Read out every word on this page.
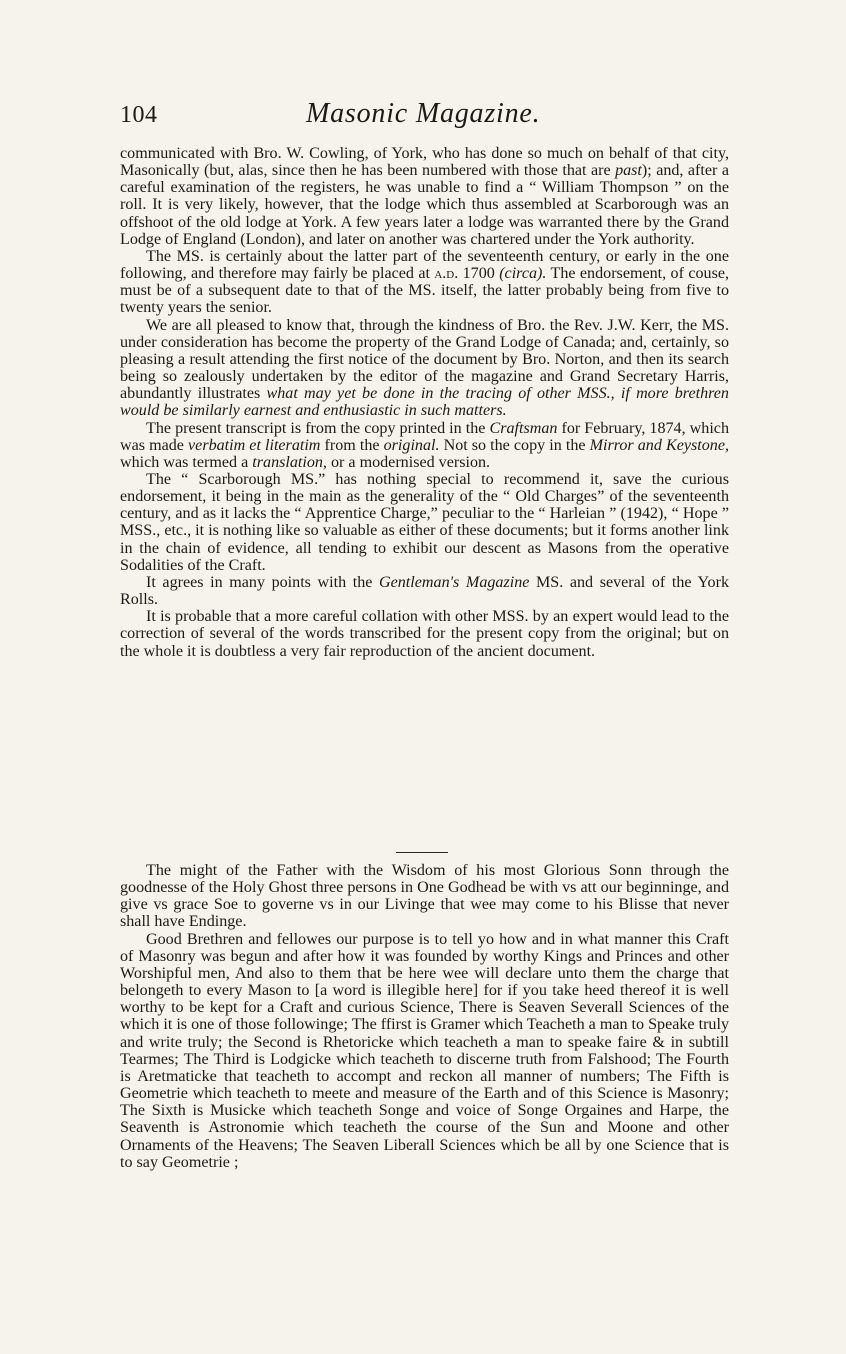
104	Masonic Magazine.

communicated with Bro. W. Cowling, of York, who has done so much on behalf of that city, Masonically (but, alas, since then he has been numbered with those that are past); and, after a careful examination of the registers, he was unable to find a “ William Thompson ” on the roll. It is very likely, however, that the lodge which thus assembled at Scarborough was an offshoot of the old lodge at York. A few years later a lodge was warranted there by the Grand Lodge of England (London), and later on another was chartered under the York authority.

The MS. is certainly about the latter part of the seventeenth century, or early in the one following, and therefore may fairly be placed at a.d. 1700 (circa). The endorsement, of couse, must be of a subsequent date to that of the MS. itself, the latter probably being from five to twenty years the senior.

We are all pleased to know that, through the kindness of Bro. the Rev. J.W. Kerr, the MS. under consideration has become the property of the Grand Lodge of Canada; and, certainly, so pleasing a result attending the first notice of the document by Bro. Norton, and then its search being so zealously undertaken by the editor of the magazine and Grand Secretary Harris, abundantly illustrates what may yet be done in the tracing of other MSS., if more brethren would be similarly earnest and enthusiastic in such matters.

The present transcript is from the copy printed in the Craftsman for February, 1874, which was made verbatim et literatim from the original. Not so the copy in the Mirror and Keystone, which was termed a translation, or a modernised version.

The “ Scarborough MS.” has nothing special to recommend it, save the curious endorsement, it being in the main as the generality of the “ Old Charges” of the seventeenth century, and as it lacks the “ Apprentice Charge,” peculiar to the “ Harleian ” (1942), “ Hope ” MSS., etc., it is nothing like so valuable as either of these documents; but it forms another link in the chain of evidence, all tending to exhibit our descent as Masons from the operative Sodalities of the Craft.

It agrees in many points with the Gentleman's Magazine MS. and several of the York Rolls.

It is probable that a more careful collation with other MSS. by an expert would lead to the correction of several of the words transcribed for the present copy from the original; but on the whole it is doubtless a very fair reproduction of the ancient document.

The might of the Father with the Wisdom of his most Glorious Sonn through the goodnesse of the Holy Ghost three persons in One Godhead be with vs att our beginninge, and give vs grace Soe to governe vs in our Livinge that wee may come to his Blisse that never shall have Endinge.

Good Brethren and fellowes our purpose is to tell yo how and in what manner this Craft of Masonry was begun and after how it was founded by worthy Kings and Princes and other Worshipful men, And also to them that be here wee will declare unto them the charge that belongeth to every Mason to [a word is illegible here] for if you take heed thereof it is well worthy to be kept for a Craft and curious Science, There is Seaven Severall Sciences of the which it is one of those followinge; The ffirst is Gramer which Teacheth a man to Speake truly and write truly; the Second is Rhetoricke which teacheth a man to speake faire & in subtill Tearmes; The Third is Lodgicke which teacheth to discerne truth from Falshood; The Fourth is Aretmaticke that teacheth to accompt and reckon all manner of numbers; The Fifth is Geometrie which teacheth to meete and measure of the Earth and of this Science is Masonry; The Sixth is Musicke which teacheth Songe and voice of Songe Orgaines and Harpe, the Seaventh is Astronomie which teacheth the course of the Sun and Moone and other Ornaments of the Heavens; The Seaven Liberall Sciences which be all by one Science that is to say Geometrie ;
